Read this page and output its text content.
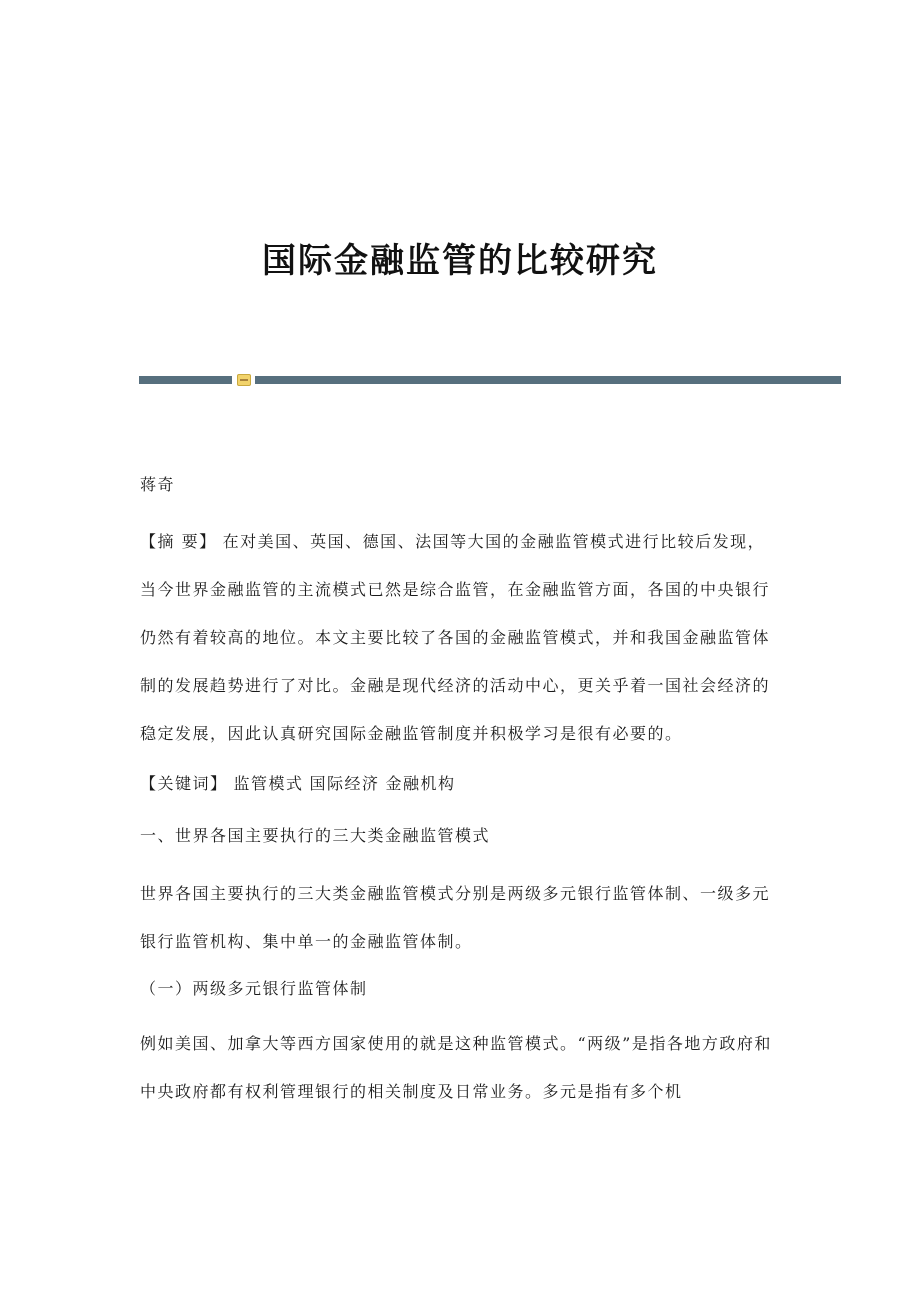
国际金融监管的比较研究

蒋奇

【摘 要】 在对美国、英国、德国、法国等大国的金融监管模式进行比较后发现，当今世界金融监管的主流模式已然是综合监管，在金融监管方面，各国的中央银行仍然有着较高的地位。本文主要比较了各国的金融监管模式，并和我国金融监管体制的发展趋势进行了对比。金融是现代经济的活动中心，更关乎着一国社会经济的稳定发展，因此认真研究国际金融监管制度并积极学习是很有必要的。

【关键词】 监管模式 国际经济 金融机构

一、世界各国主要执行的三大类金融监管模式

世界各国主要执行的三大类金融监管模式分别是两级多元银行监管体制、一级多元银行监管机构、集中单一的金融监管体制。

（一）两级多元银行监管体制

例如美国、加拿大等西方国家使用的就是这种监管模式。“两级”是指各地方政府和中央政府都有权利管理银行的相关制度及日常业务。多元是指有多个机
